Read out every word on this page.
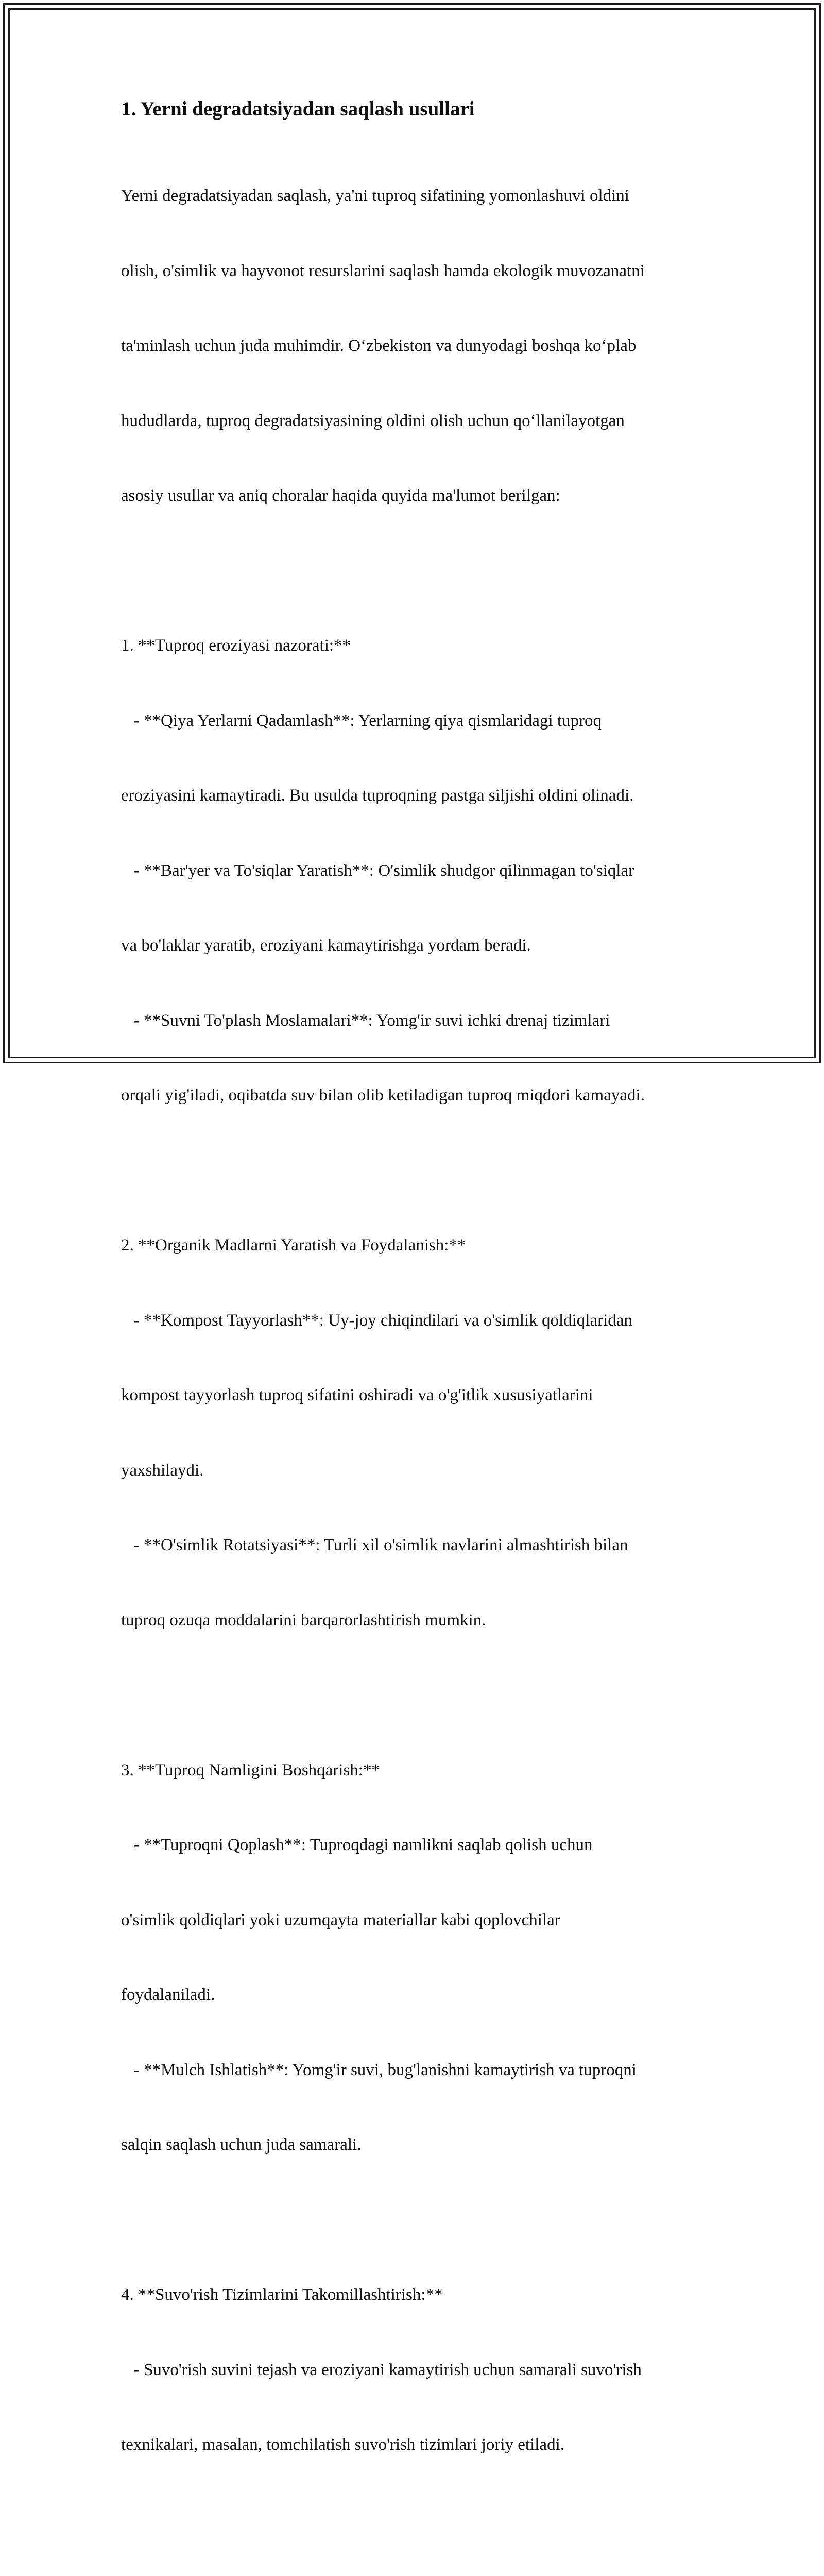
1. Yerni degradatsiyadan saqlash usullari

Yerni degradatsiyadan saqlash, ya'ni tuproq sifatining yomonlashuvi oldini

olish, o'simlik va hayvonot resurslarini saqlash hamda ekologik muvozanatni

ta'minlash uchun juda muhimdir. O‘zbekiston va dunyodagi boshqa ko‘plab

hududlarda, tuproq degradatsiyasining oldini olish uchun qo‘llanilayotgan

asosiy usullar va aniq choralar haqida quyida ma'lumot berilgan:

1. **Tuproq eroziyasi nazorati:**

- **Qiya Yerlarni Qadamlash**: Yerlarning qiya qismlaridagi tuproq

eroziyasini kamaytiradi. Bu usulda tuproqning pastga siljishi oldini olinadi.

- **Bar'yer va To'siqlar Yaratish**: O'simlik shudgor qilinmagan to'siqlar

va bo'laklar yaratib, eroziyani kamaytirishga yordam beradi.

- **Suvni To'plash Moslamalari**: Yomg'ir suvi ichki drenaj tizimlari

orqali yig'iladi, oqibatda suv bilan olib ketiladigan tuproq miqdori kamayadi.

2. **Organik Madlarni Yaratish va Foydalanish:**

- **Kompost Tayyorlash**: Uy-joy chiqindilari va o'simlik qoldiqlaridan

kompost tayyorlash tuproq sifatini oshiradi va o'g'itlik xususiyatlarini

yaxshilaydi.

- **O'simlik Rotatsiyasi**: Turli xil o'simlik navlarini almashtirish bilan

tuproq ozuqa moddalarini barqarorlashtirish mumkin.

3. **Tuproq Namligini Boshqarish:**

- **Tuproqni Qoplash**: Tuproqdagi namlikni saqlab qolish uchun

o'simlik qoldiqlari yoki uzumqayta materiallar kabi qoplovchilar

foydalaniladi.

- **Mulch Ishlatish**: Yomg'ir suvi, bug'lanishni kamaytirish va tuproqni

salqin saqlash uchun juda samarali.

4. **Suvo'rish Tizimlarini Takomillashtirish:**

- Suvo'rish suvini tejash va eroziyani kamaytirish uchun samarali suvo'rish

texnikalari, masalan, tomchilatish suvo'rish tizimlari joriy etiladi.
